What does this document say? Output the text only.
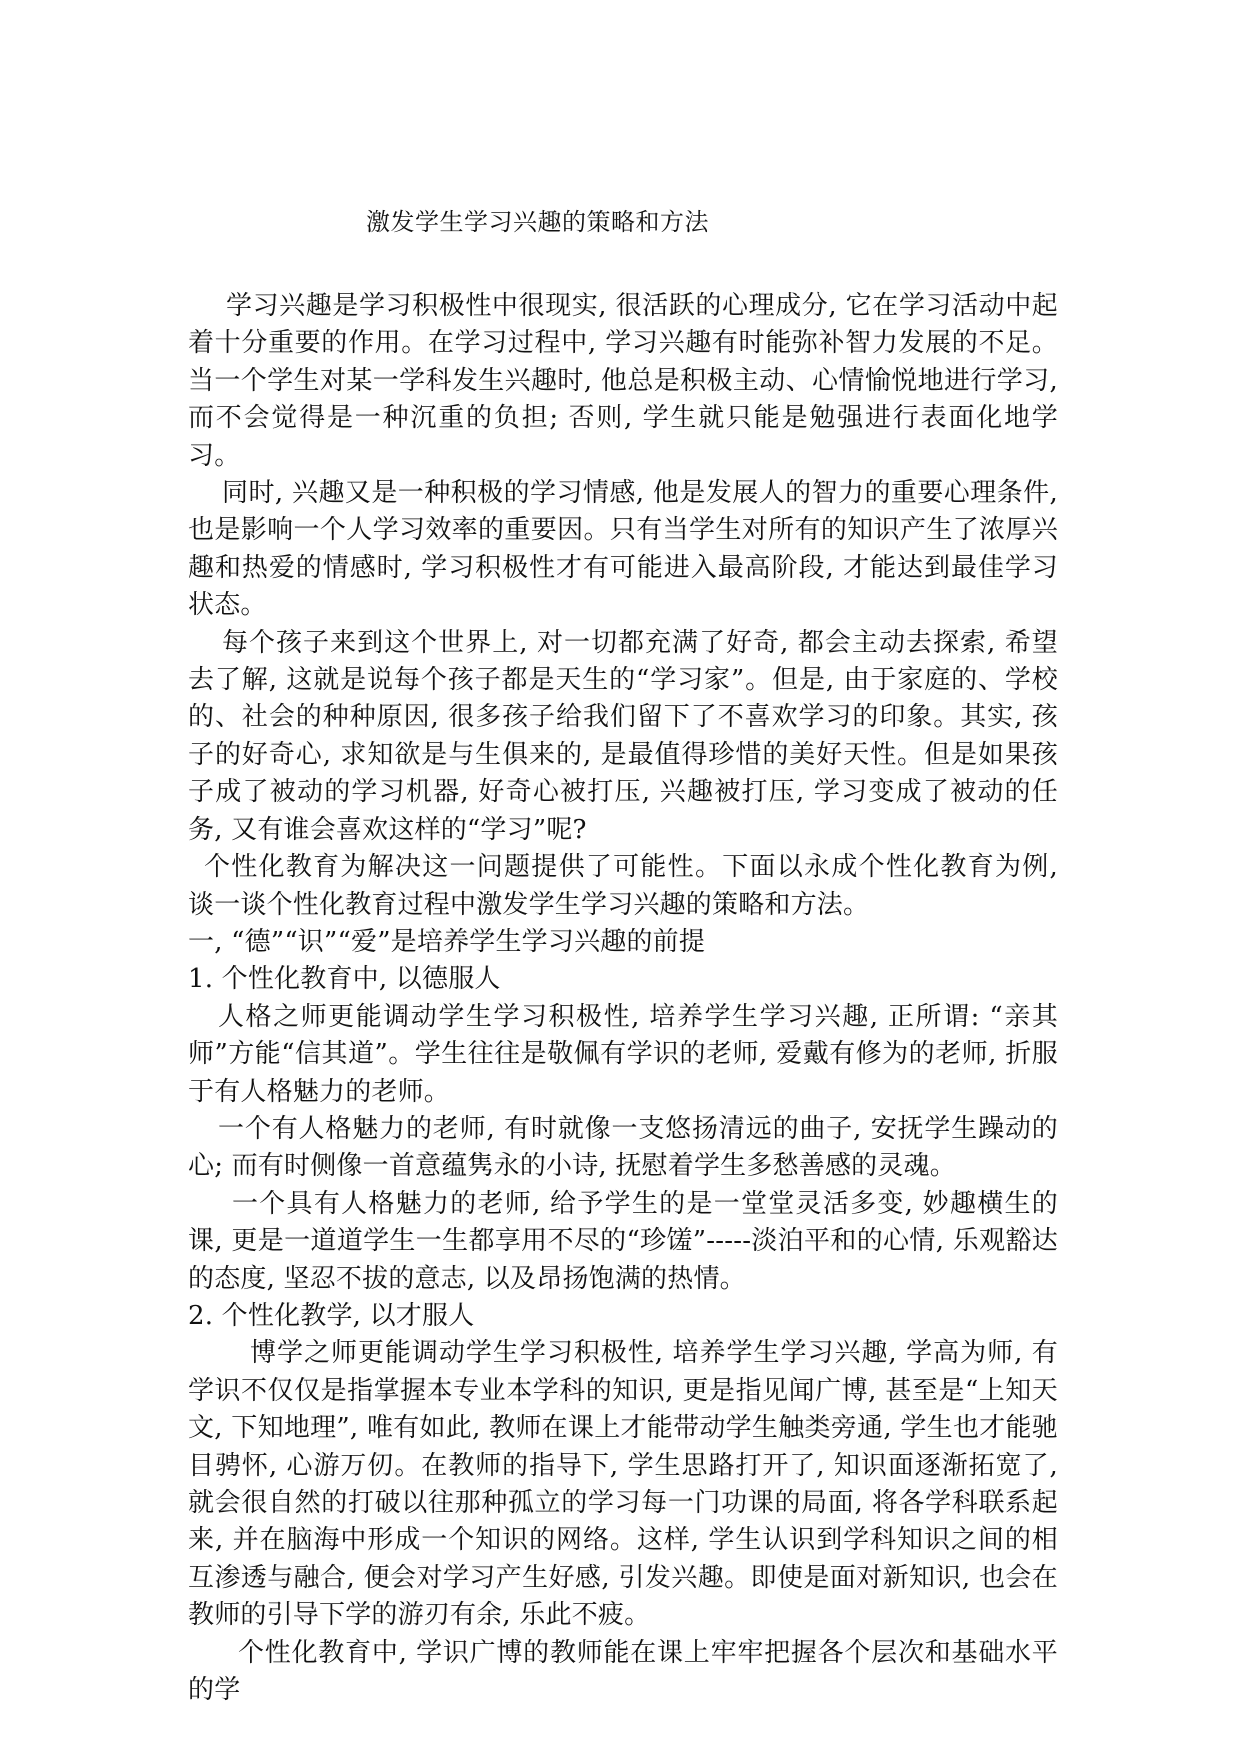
激发学生学习兴趣的策略和方法

学习兴趣是学习积极性中很现实, 很活跃的心理成分, 它在学习活动中起着十分重要的作用。在学习过程中, 学习兴趣有时能弥补智力发展的不足。当一个学生对某一学科发生兴趣时, 他总是积极主动、心情愉悦地进行学习, 而不会觉得是一种沉重的负担; 否则, 学生就只能是勉强进行表面化地学习。

同时, 兴趣又是一种积极的学习情感, 他是发展人的智力的重要心理条件, 也是影响一个人学习效率的重要因。只有当学生对所有的知识产生了浓厚兴趣和热爱的情感时, 学习积极性才有可能进入最高阶段, 才能达到最佳学习状态。

每个孩子来到这个世界上, 对一切都充满了好奇, 都会主动去探索, 希望去了解, 这就是说每个孩子都是天生的“学习家”。但是, 由于家庭的、学校的、社会的种种原因, 很多孩子给我们留下了不喜欢学习的印象。其实, 孩子的好奇心, 求知欲是与生俱来的, 是最值得珍惜的美好天性。但是如果孩子成了被动的学习机器, 好奇心被打压, 兴趣被打压, 学习变成了被动的任务, 又有谁会喜欢这样的“学习”呢?

个性化教育为解决这一问题提供了可能性。下面以永成个性化教育为例, 谈一谈个性化教育过程中激发学生学习兴趣的策略和方法。

一, “德”“识”“爱”是培养学生学习兴趣的前提

1. 个性化教育中, 以德服人

人格之师更能调动学生学习积极性, 培养学生学习兴趣, 正所谓: “亲其师”方能“信其道”。学生往往是敬佩有学识的老师, 爱戴有修为的老师, 折服于有人格魅力的老师。

一个有人格魅力的老师, 有时就像一支悠扬清远的曲子, 安抚学生躁动的心; 而有时侧像一首意蕴隽永的小诗, 抚慰着学生多愁善感的灵魂。

一个具有人格魅力的老师, 给予学生的是一堂堂灵活多变, 妙趣横生的课, 更是一道道学生一生都享用不尽的“珍馐”-----淡泊平和的心情, 乐观豁达的态度, 坚忍不拔的意志, 以及昂扬饱满的热情。

2. 个性化教学, 以才服人

博学之师更能调动学生学习积极性, 培养学生学习兴趣, 学高为师, 有学识不仅仅是指掌握本专业本学科的知识, 更是指见闻广博, 甚至是“上知天文, 下知地理”, 唯有如此, 教师在课上才能带动学生触类旁通, 学生也才能驰目骋怀, 心游万仞。在教师的指导下, 学生思路打开了, 知识面逐渐拓宽了, 就会很自然的打破以往那种孤立的学习每一门功课的局面, 将各学科联系起来, 并在脑海中形成一个知识的网络。这样, 学生认识到学科知识之间的相互渗透与融合, 便会对学习产生好感, 引发兴趣。即使是面对新知识, 也会在教师的引导下学的游刃有余, 乐此不疲。

个性化教育中, 学识广博的教师能在课上牢牢把握各个层次和基础水平的学
